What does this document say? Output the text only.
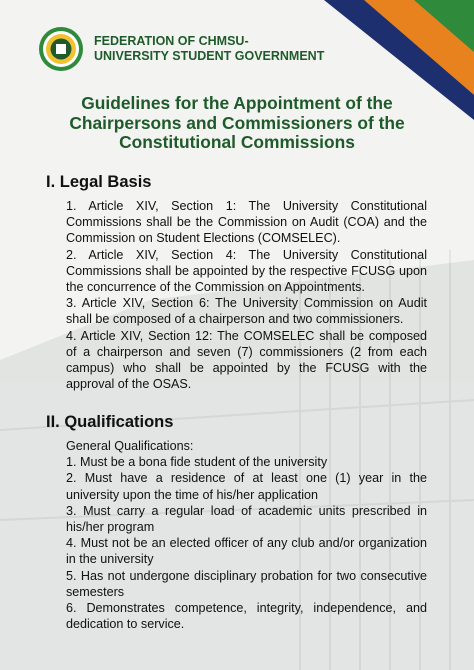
FEDERATION OF CHMSU-
UNIVERSITY STUDENT GOVERNMENT
Guidelines for the Appointment of the
Chairpersons and Commissioners of the
Constitutional Commissions
I. Legal Basis

1. Article XIV, Section 1: The University Constitutional Commissions shall be the Commission on Audit (COA) and the Commission on Student Elections (COMSELEC).

2. Article XIV, Section 4: The University Constitutional Commissions shall be appointed by the respective FCUSG upon the concurrence of the Commission on Appointments.

3. Article XIV, Section 6: The University Commission on Audit shall be composed of a chairperson and two commissioners.

4. Article XIV, Section 12: The COMSELEC shall be composed of a chairperson and seven (7) commissioners (2 from each campus) who shall be appointed by the FCUSG with the approval of the OSAS.

II. Qualifications

General Qualifications:

1. Must be a bona fide student of the university

2. Must have a residence of at least one (1) year in the university upon the time of his/her application

3. Must carry a regular load of academic units prescribed in his/her program

4. Must not be an elected officer of any club and/or organization in the university

5. Has not undergone disciplinary probation for two consecutive semesters

6. Demonstrates competence, integrity, independence, and dedication to service.
